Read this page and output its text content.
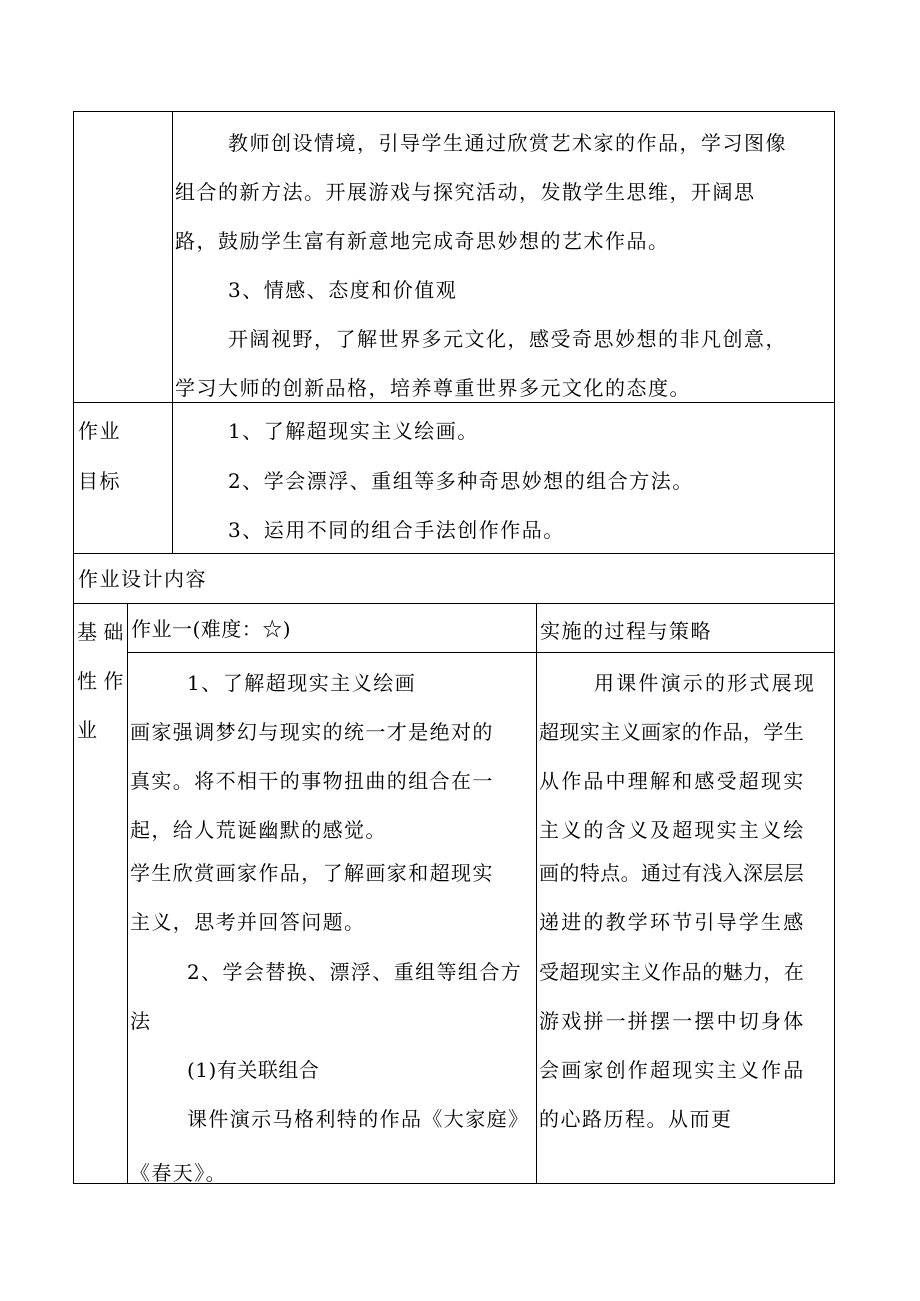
教师创设情境，引导学生通过欣赏艺术家的作品，学习图像
组合的新方法。开展游戏与探究活动，发散学生思维，开阔思
路，鼓励学生富有新意地完成奇思妙想的艺术作品。
3、情感、态度和价值观
开阔视野，了解世界多元文化，感受奇思妙想的非凡创意，
学习大师的创新品格，培养尊重世界多元文化的态度。
作业
目标
1、了解超现实主义绘画。
2、学会漂浮、重组等多种奇思妙想的组合方法。
3、运用不同的组合手法创作作品。
作业设计内容
基 础
性 作
业
作业一(难度：☆)	实施的过程与策略
1、了解超现实主义绘画
画家强调梦幻与现实的统一才是绝对的
真实。将不相干的事物扭曲的组合在一
起，给人荒诞幽默的感觉。
学生欣赏画家作品，了解画家和超现实
主义，思考并回答问题。
2、学会替换、漂浮、重组等组合方
法
(1)有关联组合
课件演示马格利特的作品《大家庭》
《春天》。
用课件演示的形式展现
超现实主义画家的作品，学生
从作品中理解和感受超现实
主义的含义及超现实主义绘
画的特点。通过有浅入深层层
递进的教学环节引导学生感
受超现实主义作品的魅力，在
游戏拼一拼摆一摆中切身体
会画家创作超现实主义作品
的心路历程。从而更
